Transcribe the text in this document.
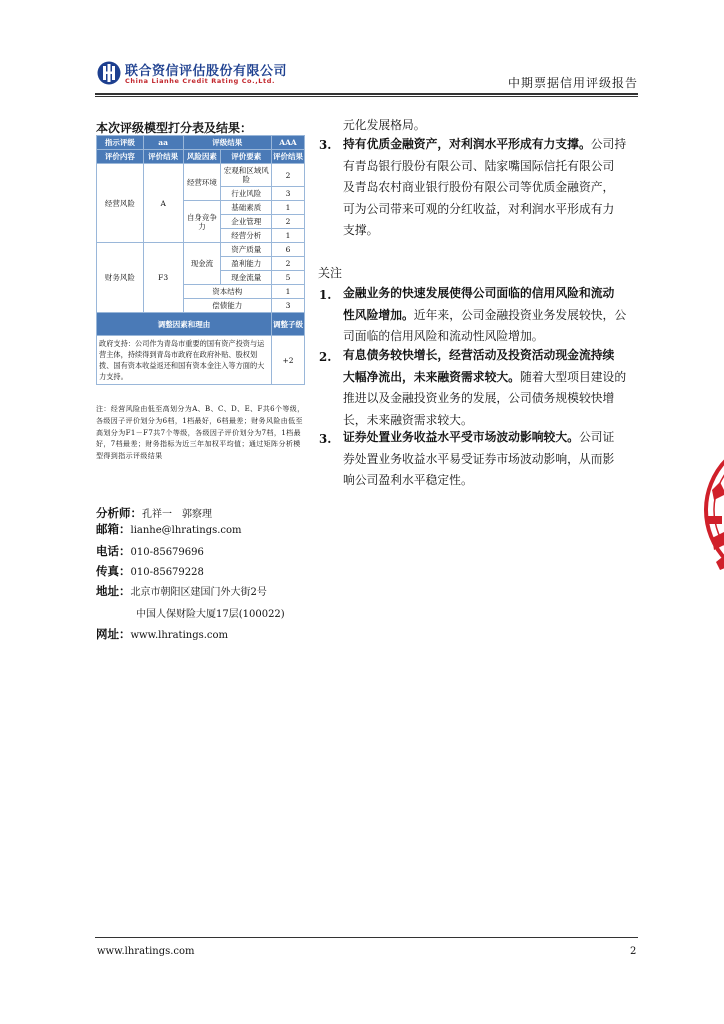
联合资信评估股份有限公司
China Lianhe Credit Rating Co.,Ltd.	中期票据信用评级报告
本次评级模型打分表及结果：
指示评级	aa	评级结果		AAA
评价内容	评价结果	风险因素	评价要素	评价结果
经营风险	A	经营环境	宏观和区域风险	2
			行业风险	3
		自身竞争力	基础素质	1
			企业管理	2
			经营分析	1
财务风险	F3	现金流	资产质量	6
			盈利能力	2
			现金流量	5
		资本结构		1
		偿债能力		3
调整因素和理由				调整子级
政府支持：公司作为青岛市重要的国有资产投资与运营主体，持续得到青岛市政府在政府补贴、股权划拨、国有资本收益返还和国有资本金注入等方面的大力支持。				+2
注：经营风险由低至高划分为A、B、C、D、E、F共6个等级，各级因子评价划分为6档，1档最好，6档最差；财务风险由低至高划分为F1－F7共7个等级，各级因子评价划分为7档，1档最好，7档最差；财务指标为近三年加权平均值；通过矩阵分析模型得到指示评级结果
分析师：孔祥一　郭察理
邮箱：lianhe@lhratings.com
电话：010-85679696
传真：010-85679228
地址：北京市朝阳区建国门外大街2号
中国人保财险大厦17层(100022)
网址：www.lhratings.com
元化发展格局。
3. 持有优质金融资产，对利润水平形成有力支撑。公司持
有青岛银行股份有限公司、陆家嘴国际信托有限公司
及青岛农村商业银行股份有限公司等优质金融资产，
可为公司带来可观的分红收益，对利润水平形成有力
支撑。
关注
1. 金融业务的快速发展使得公司面临的信用风险和流动
性风险增加。近年来，公司金融投资业务发展较快，公
司面临的信用风险和流动性风险增加。
2. 有息债务较快增长，经营活动及投资活动现金流持续
大幅净流出，未来融资需求较大。随着大型项目建设的
推进以及金融投资业务的发展，公司债务规模较快增
长，未来融资需求较大。
3. 证券处置业务收益水平受市场波动影响较大。公司证
券处置业务收益水平易受证券市场波动影响，从而影
响公司盈利水平稳定性。
www.lhratings.com	2
